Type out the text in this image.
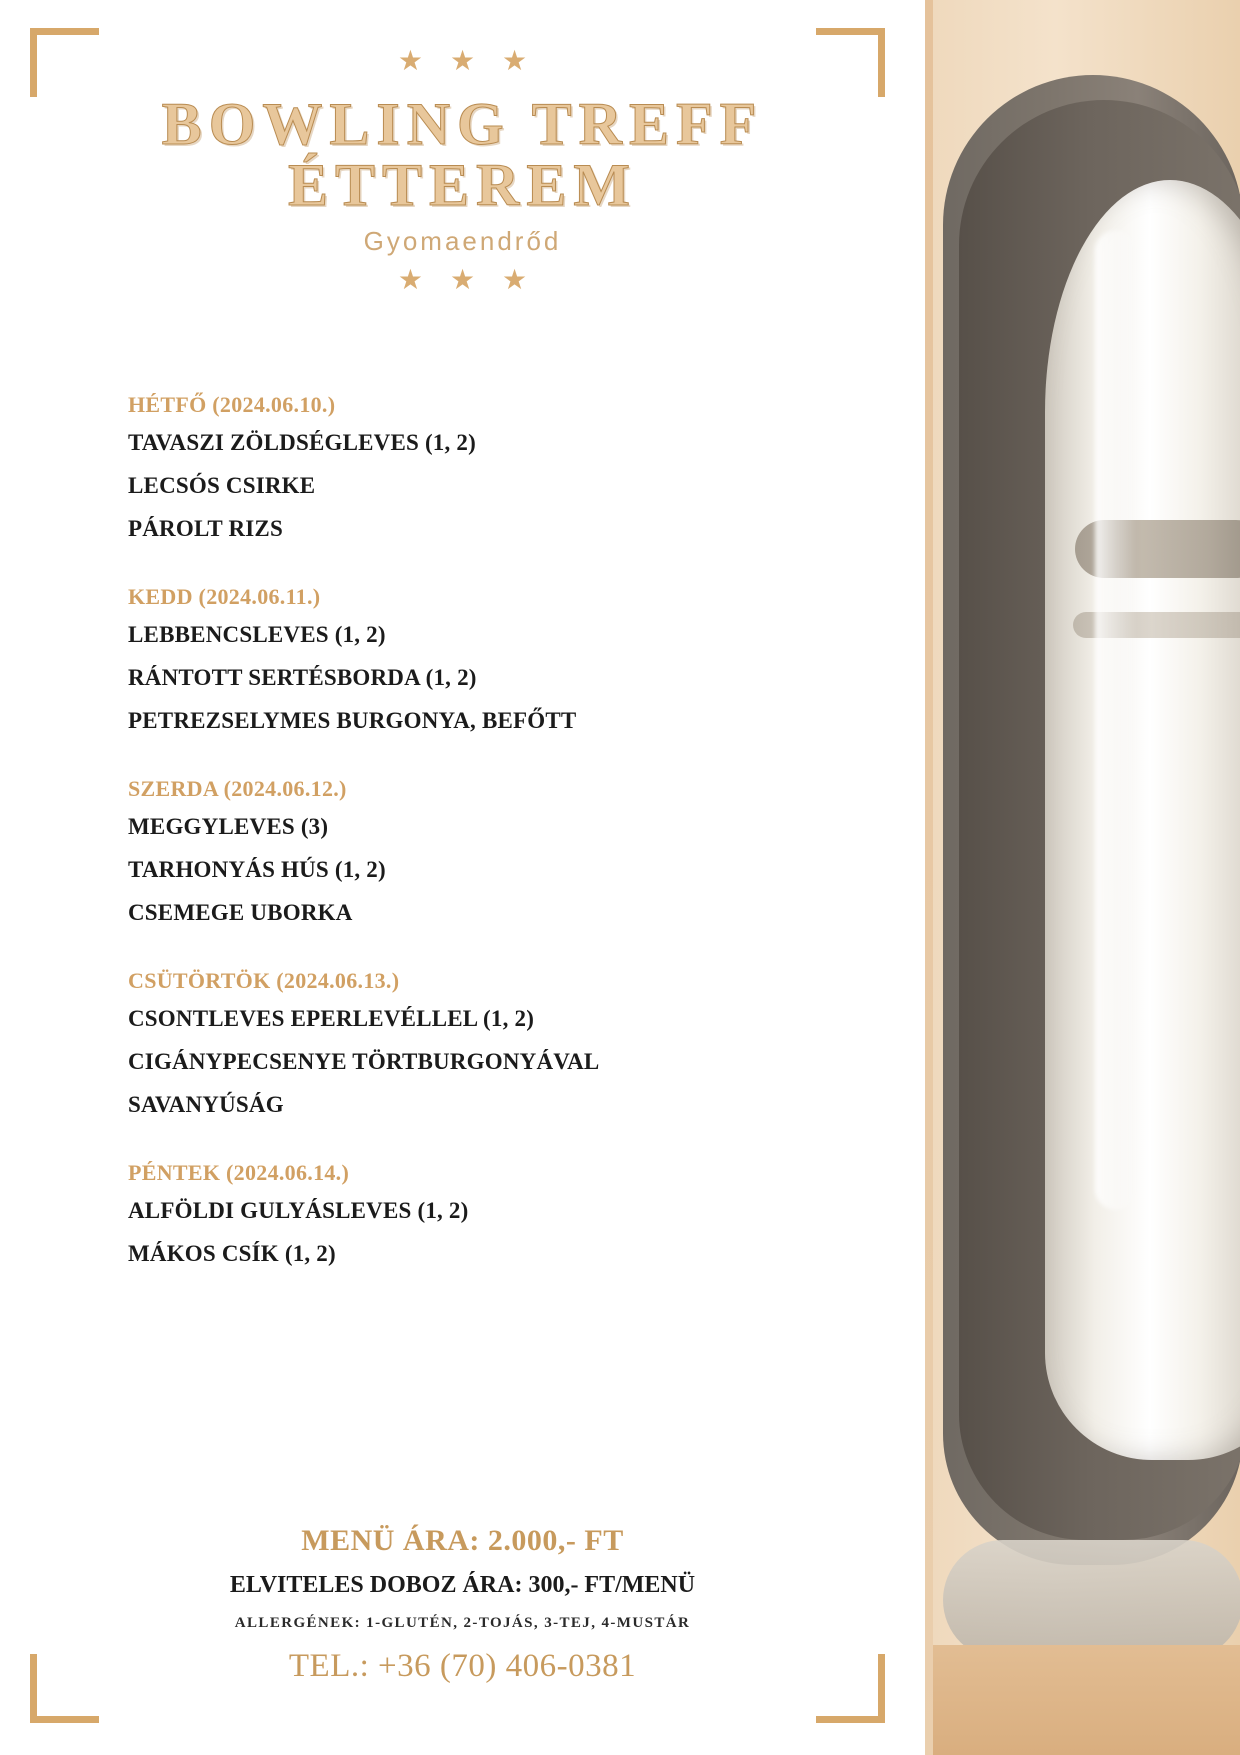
★ ★ ★
BOWLING TREFF
ÉTTEREM
Gyomaendrőd
★ ★ ★
HÉTFŐ (2024.06.10.)
TAVASZI ZÖLDSÉGLEVES (1, 2)
LECSÓS CSIRKE
PÁROLT RIZS
KEDD (2024.06.11.)
LEBBENCSLEVES (1, 2)
RÁNTOTT SERTÉSBORDA (1, 2)
PETREZSELYMES BURGONYA, BEFŐTT
SZERDA (2024.06.12.)
MEGGYLEVES (3)
TARHONYÁS HÚS (1, 2)
CSEMEGE UBORKA
CSÜTÖRTÖK (2024.06.13.)
CSONTLEVES EPERLEVÉLLEL (1, 2)
CIGÁNYPECSENYE TÖRTBURGONYÁVAL
SAVANYÚSÁG
PÉNTEK (2024.06.14.)
ALFÖLDI GULYÁSLEVES (1, 2)
MÁKOS CSÍK (1, 2)
MENÜ ÁRA: 2.000,- FT
ELVITELES DOBOZ ÁRA: 300,- FT/MENÜ
ALLERGÉNEK: 1-GLUTÉN, 2-TOJÁS, 3-TEJ, 4-MUSTÁR
TEL.: +36 (70) 406-0381
